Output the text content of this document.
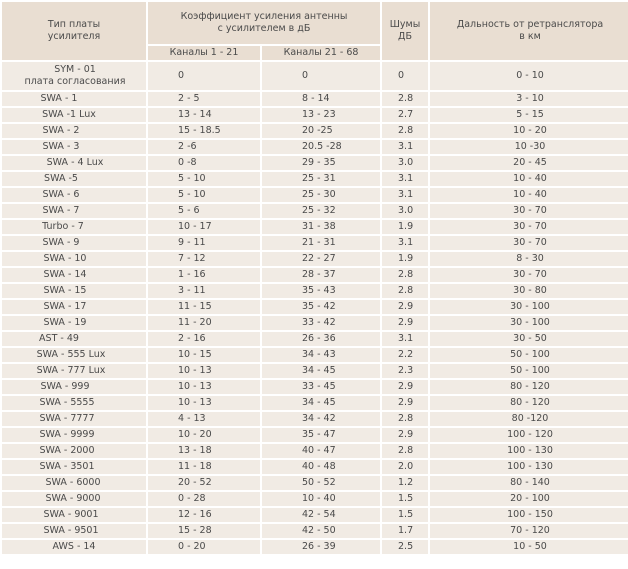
Тип платы
усилителя	Коэффициент усиления антенны
с усилителем в дБ		Шумы
ДБ	Дальность от ретранслятора
в км
	Каналы 1 - 21	Каналы 21 - 68		
SYM - 01
плата согласования	0	0	0	0 - 10
SWA - 1	2 - 5	8 - 14	2.8	3 - 10
SWA -1 Lux	13 - 14	13 - 23	2.7	5 - 15
SWA - 2	15 - 18.5	20 -25	2.8	10 - 20
SWA - 3	2 -6	20.5 -28	3.1	10 -30
SWA - 4 Lux	0 -8	29 - 35	3.0	20 - 45
SWA -5	5 - 10	25 - 31	3.1	10 - 40
SWA - 6	5 - 10	25 - 30	3.1	10 - 40
SWA - 7	5 - 6	25 - 32	3.0	30 - 70
Turbo - 7	10 - 17	31 - 38	1.9	30 - 70
SWA - 9	9 - 11	21 - 31	3.1	30 - 70
SWA - 10	7 - 12	22 - 27	1.9	8 - 30
SWA - 14	1 - 16	28 - 37	2.8	30 - 70
SWA - 15	3 - 11	35 - 43	2.8	30 - 80
SWA - 17	11 - 15	35 - 42	2.9	30 - 100
SWA - 19	11 - 20	33 - 42	2.9	30 - 100
AST - 49	2 - 16	26 - 36	3.1	30 - 50
SWA - 555 Lux	10 - 15	34 - 43	2.2	50 - 100
SWA - 777 Lux	10 - 13	34 - 45	2.3	50 - 100
SWA - 999	10 - 13	33 - 45	2.9	80 - 120
SWA - 5555	10 - 13	34 - 45	2.9	80 - 120
SWA - 7777	4 - 13	34 - 42	2.8	80 -120
SWA - 9999	10 - 20	35 - 47	2.9	100 - 120
SWA - 2000	13 - 18	40 - 47	2.8	100 - 130
SWA - 3501	11 - 18	40 - 48	2.0	100 - 130
SWA - 6000	20 - 52	50 - 52	1.2	80 - 140
SWA - 9000	0 - 28	10 - 40	1.5	20 - 100
SWA - 9001	12 - 16	42 - 54	1.5	100 - 150
SWA - 9501	15 - 28	42 - 50	1.7	70 - 120
AWS - 14	0 - 20	26 - 39	2.5	10 - 50
